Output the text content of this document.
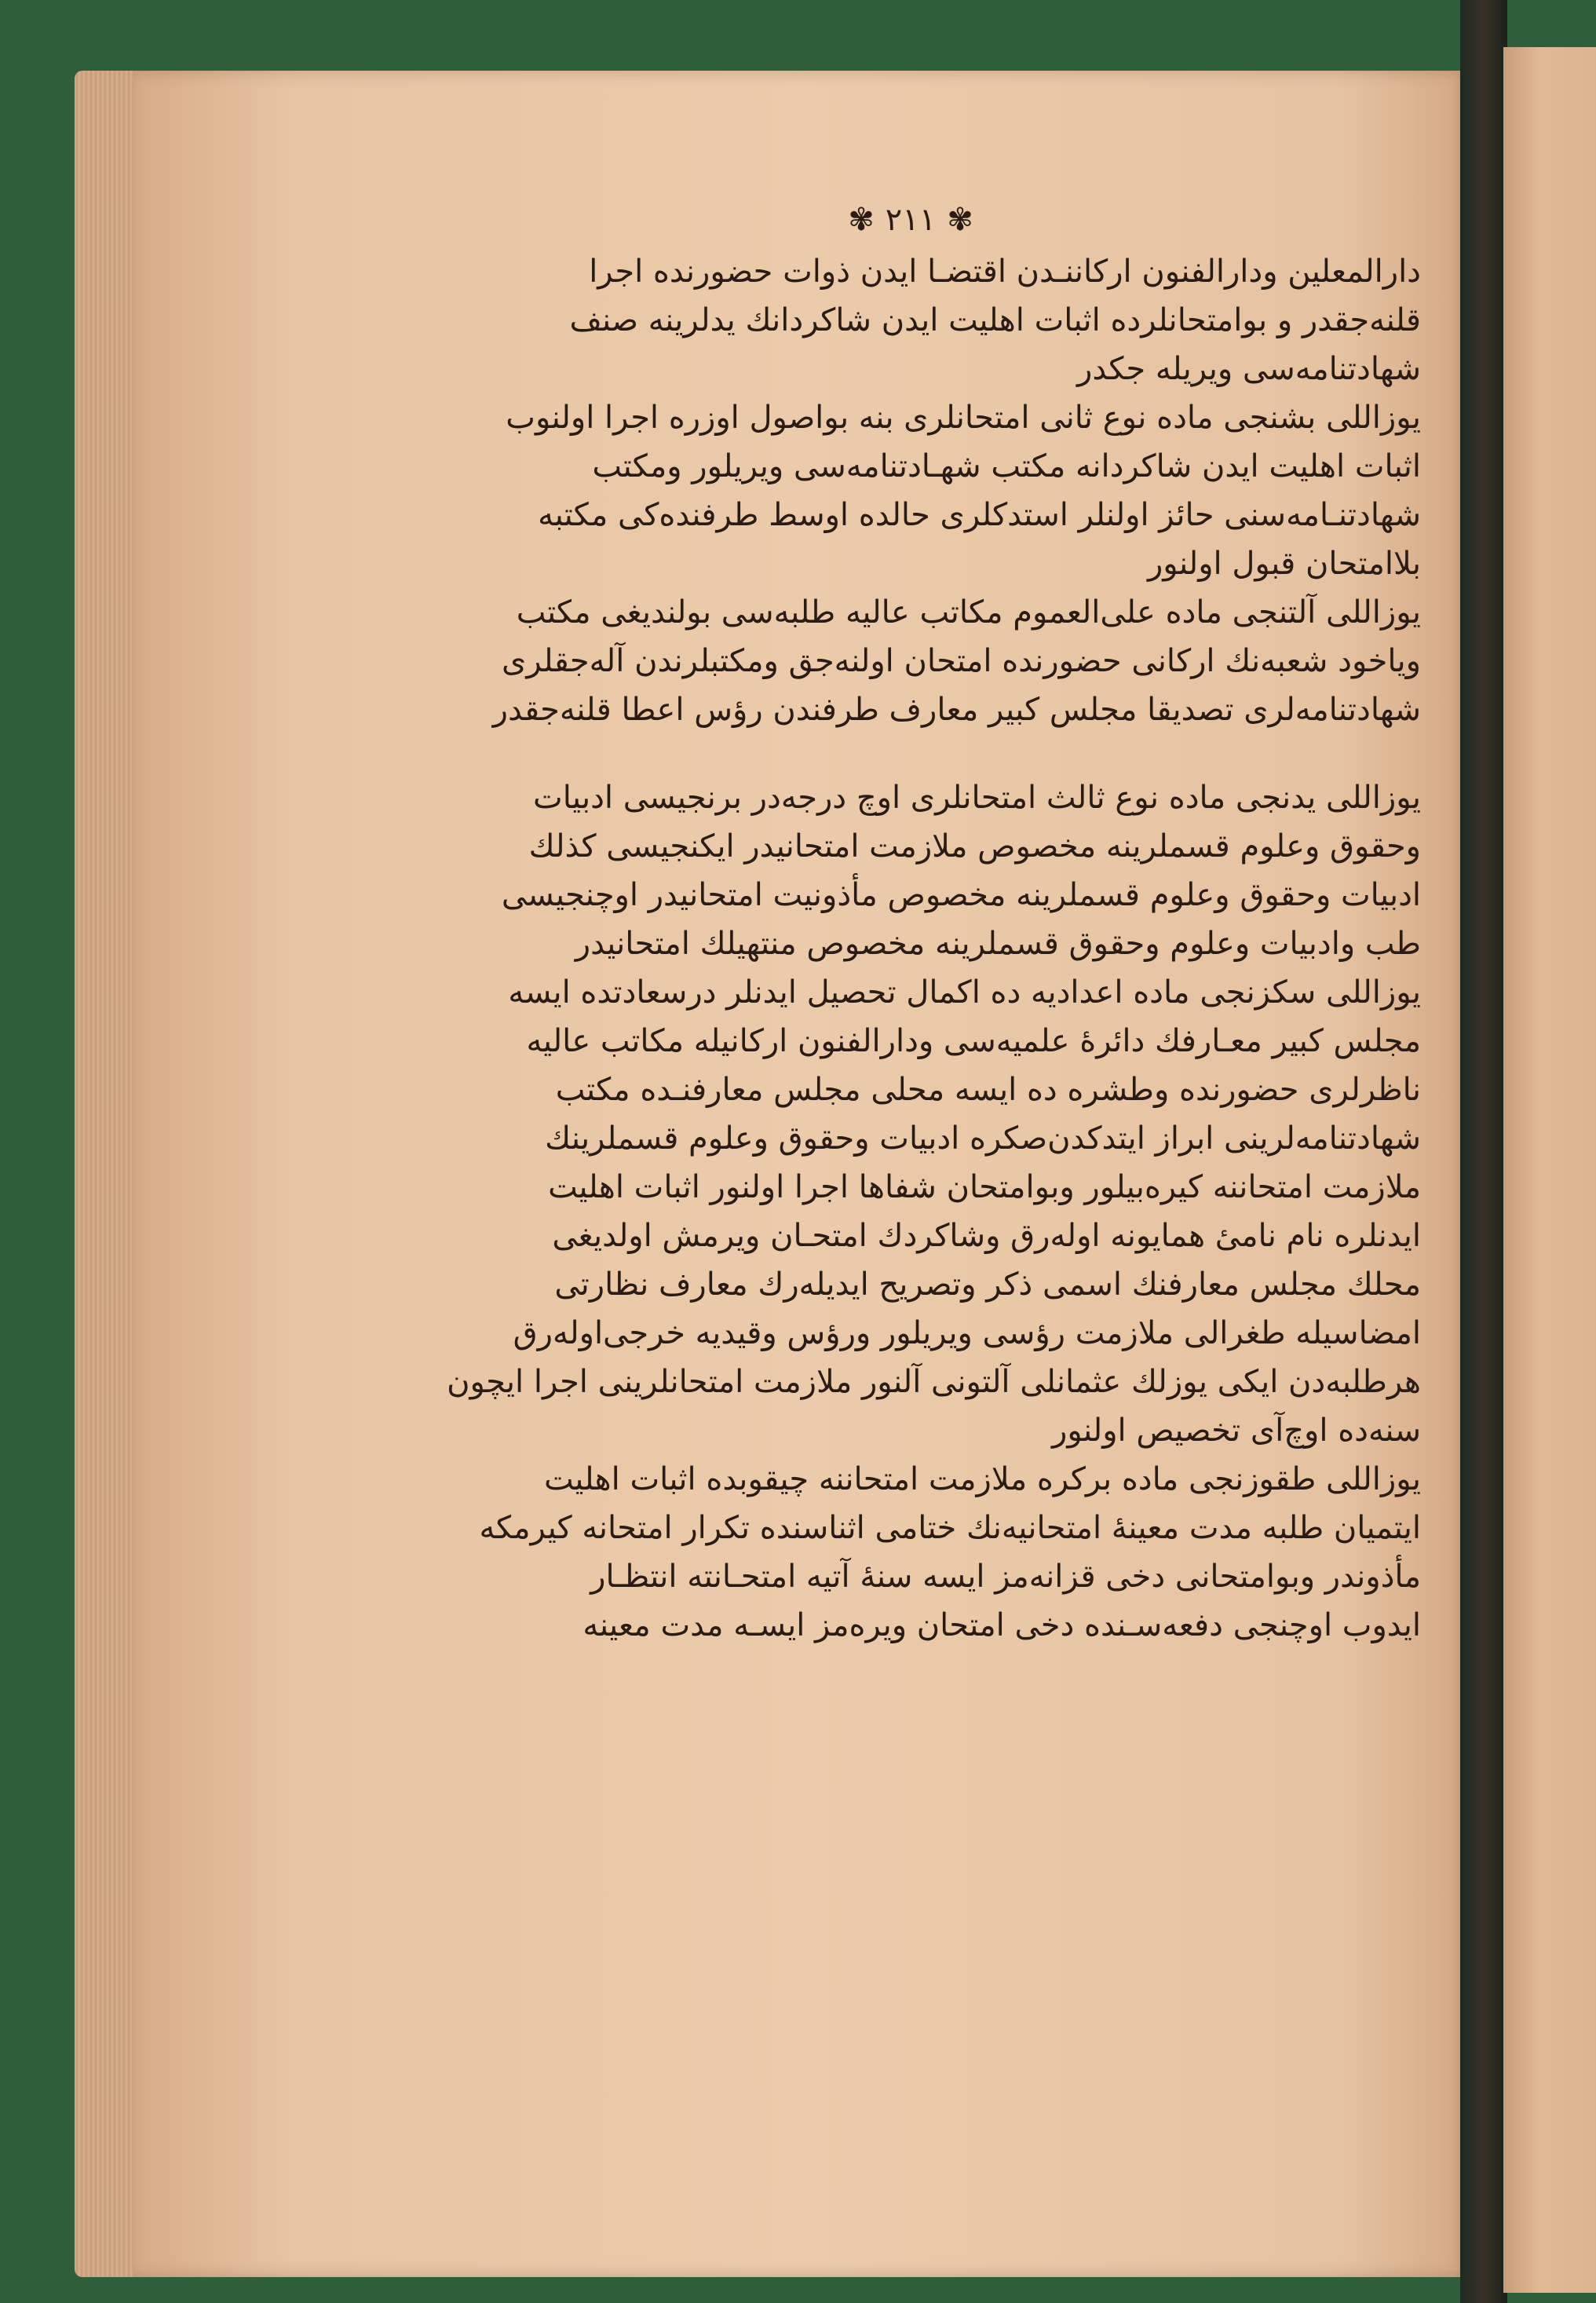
✾ ٢١١ ✾
دارالمعلین ودارالفنون ارکاننـدن اقتضـا ایدن ذوات حضورنده اجرا
قلنه‌جقدر و بوامتحانلرده اثبات اهلیت ایدن شاکردانك یدلرینه صنف
شهادتنامه‌سی ویریله جکدر
یوزاللی بشنجی ماده نوع ثانی امتحانلری بنه بواصول اوزره اجرا اولنوب
اثبات اهلیت ایدن شاکردانه مکتب شهـادتنامه‌سی ویریلور ومکتب
شهادتنـامه‌سنی حائز اولنلر استدکلری حالده اوسط طرفنده‌کی مکتبه
بلاامتحان قبول اولنور
یوزاللی آلتنجی ماده علی‌العموم مکاتب عالیه طلبه‌سی بولندیغی مکتب
ویاخود شعبه‌نك ارکانی حضورنده امتحان اولنه‌جق ومکتبلرندن آله‌جقلری
شهادتنامه‌لری تصدیقا مجلس کبیر معارف طرفندن رؤس اعطا قلنه‌جقدر
یوزاللی یدنجی ماده نوع ثالث امتحانلری اوچ درجه‌در برنجیسی ادبیات
وحقوق وعلوم قسملرینه مخصوص ملازمت امتحانیدر ایکنجیسی کذلك
ادبیات وحقوق وعلوم قسملرینه مخصوص مأذونیت امتحانیدر اوچنجیسی
طب وادبیات وعلوم وحقوق قسملرینه مخصوص منتهیلك امتحانیدر
یوزاللی سکزنجی ماده اعدادیه ده اکمال تحصیل ایدنلر درسعادتده ایسه
مجلس کبیر معـارفك دائرهٔ علمیه‌سی ودارالفنون ارکانیله مکاتب عالیه
ناظرلری حضورنده وطشره ده ایسه محلی مجلس معارفنـده مکتب
شهادتنامه‌لرینی ابراز ایتدکدن‌صکره ادبیات وحقوق وعلوم قسملرینك
ملازمت امتحاننه کیره‌بیلور وبوامتحان شفاها اجرا اولنور اثبات اهلیت
ایدنلره نام نامیٔ همایونه اوله‌رق وشاکردك امتحـان ویرمش اولدیغی
محلك مجلس معارفنك اسمی ذکر وتصریح ایدیله‌رك معارف نظارتی
امضاسیله طغرالی ملازمت رؤسی ویریلور ورؤس وقیدیه خرجی‌اوله‌رق
هرطلبه‌دن ایکی یوزلك عثمانلی آلتونی آلنور ملازمت امتحانلرینی اجرا ایچون
سنه‌ده اوچ‌آی تخصیص اولنور
یوزاللی طقوزنجی ماده برکره ملازمت امتحاننه چیقوبده اثبات اهلیت
ایتمیان طلبه مدت معینهٔ امتحانیه‌نك ختامی اثناسنده تکرار امتحانه کیرمکه
مأذوندر وبوامتحانی دخی قزانه‌مز ایسه سنهٔ آتیه امتحـانته انتظـار
ایدوب اوچنجی دفعه‌سـنده دخی امتحان ویره‌مز ایسـه مدت معینه
